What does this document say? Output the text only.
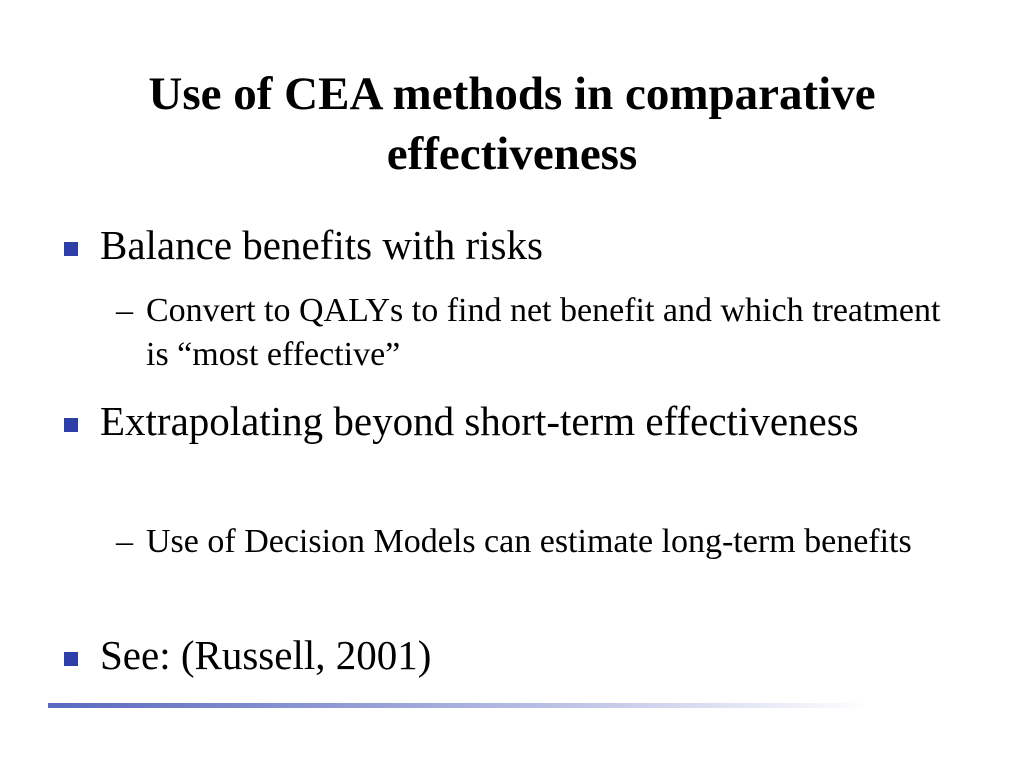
Use of CEA methods in comparative effectiveness
Balance benefits with risks
– Convert to QALYs to find net benefit and which treatment is “most effective”
Extrapolating beyond short-term effectiveness
– Use of Decision Models can estimate long-term benefits
See: (Russell, 2001)
